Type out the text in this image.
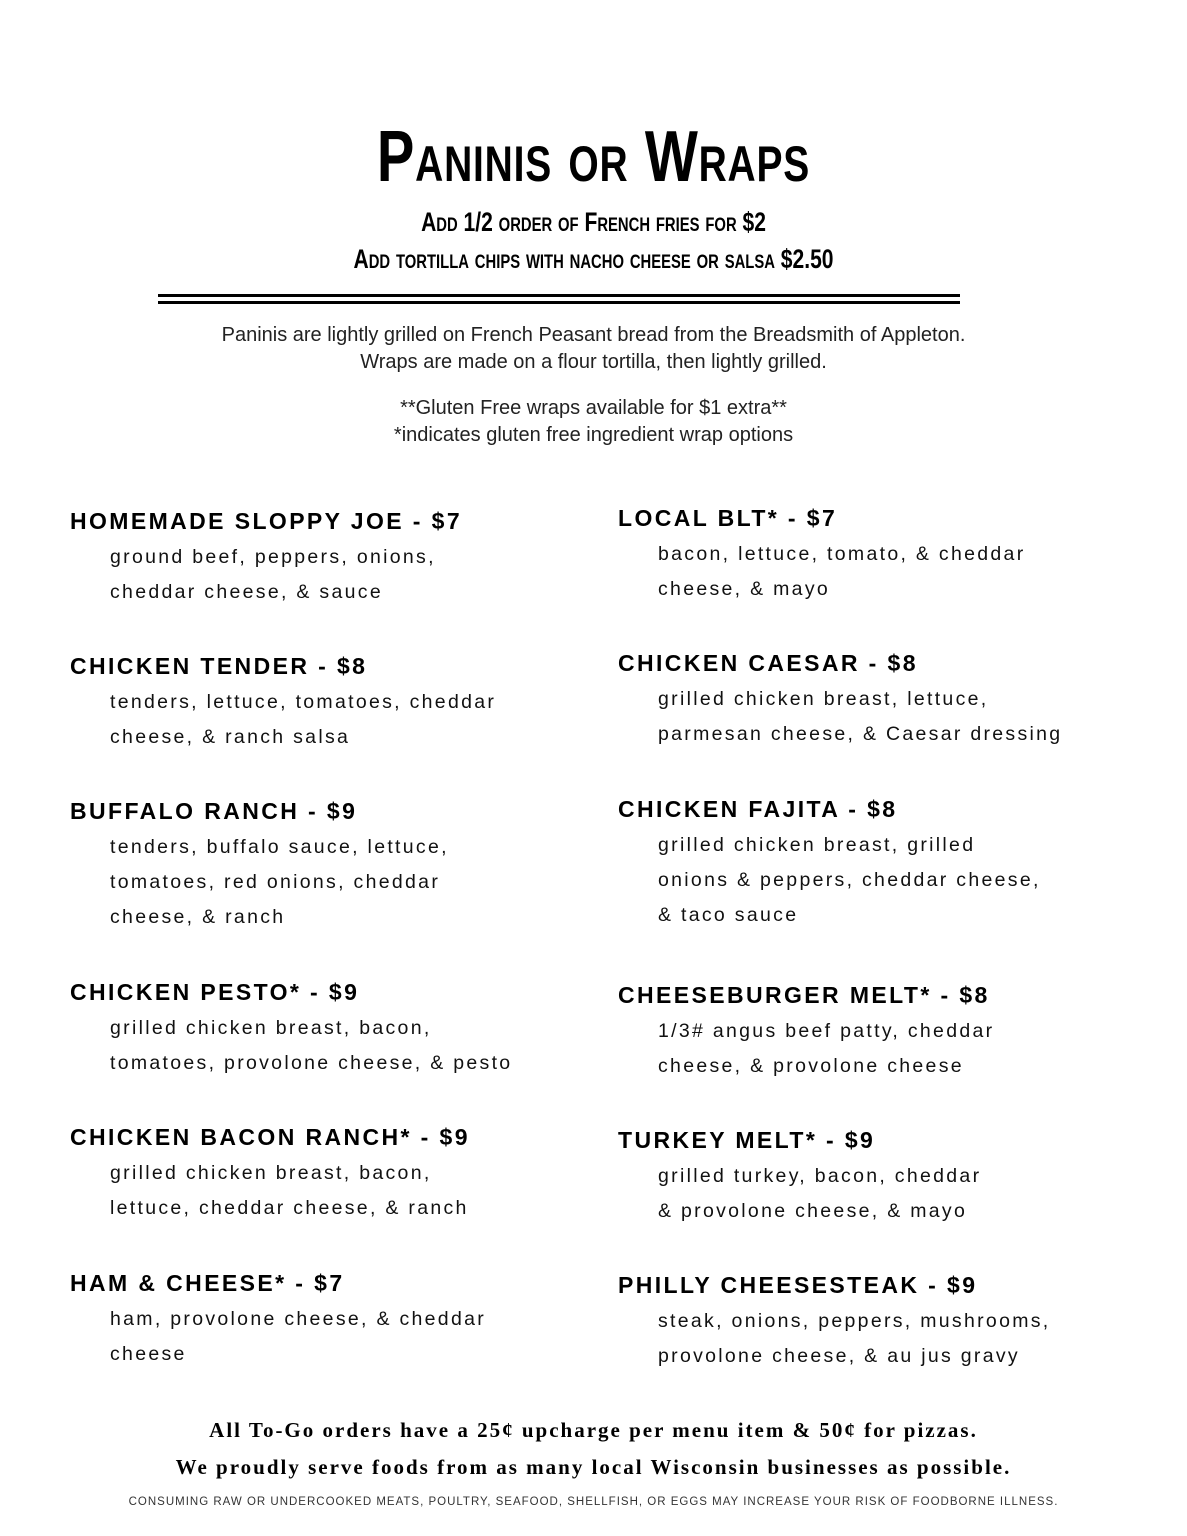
Paninis or Wraps
Add 1/2 order of French fries for $2
Add tortilla chips with nacho cheese or salsa $2.50
Paninis are lightly grilled on French Peasant bread from the Breadsmith of Appleton.
Wraps are made on a flour tortilla, then lightly grilled.
**Gluten Free wraps available for $1 extra**
*indicates gluten free ingredient wrap options
HOMEMADE SLOPPY JOE - $7
ground beef, peppers, onions,
cheddar cheese, & sauce
CHICKEN TENDER - $8
tenders, lettuce, tomatoes, cheddar
cheese, & ranch salsa
BUFFALO RANCH - $9
tenders, buffalo sauce, lettuce,
tomatoes, red onions, cheddar
cheese, & ranch
CHICKEN PESTO* - $9
grilled chicken breast, bacon,
tomatoes, provolone cheese, & pesto
CHICKEN BACON RANCH* - $9
grilled chicken breast, bacon,
lettuce, cheddar cheese, & ranch
HAM & CHEESE* - $7
ham, provolone cheese, & cheddar
cheese
LOCAL BLT* - $7
bacon, lettuce, tomato, & cheddar
cheese, & mayo
CHICKEN CAESAR - $8
grilled chicken breast, lettuce,
parmesan cheese, & Caesar dressing
CHICKEN FAJITA - $8
grilled chicken breast, grilled
onions & peppers, cheddar cheese,
& taco sauce
CHEESEBURGER MELT* - $8
1/3# angus beef patty, cheddar
cheese, & provolone cheese
TURKEY MELT* - $9
grilled turkey, bacon, cheddar
& provolone cheese, & mayo
PHILLY CHEESESTEAK - $9
steak, onions, peppers, mushrooms,
provolone cheese, & au jus gravy
All To-Go orders have a 25¢ upcharge per menu item & 50¢ for pizzas.
We proudly serve foods from as many local Wisconsin businesses as possible.
CONSUMING RAW OR UNDERCOOKED MEATS, POULTRY, SEAFOOD, SHELLFISH, OR EGGS MAY INCREASE YOUR RISK OF FOODBORNE ILLNESS.
